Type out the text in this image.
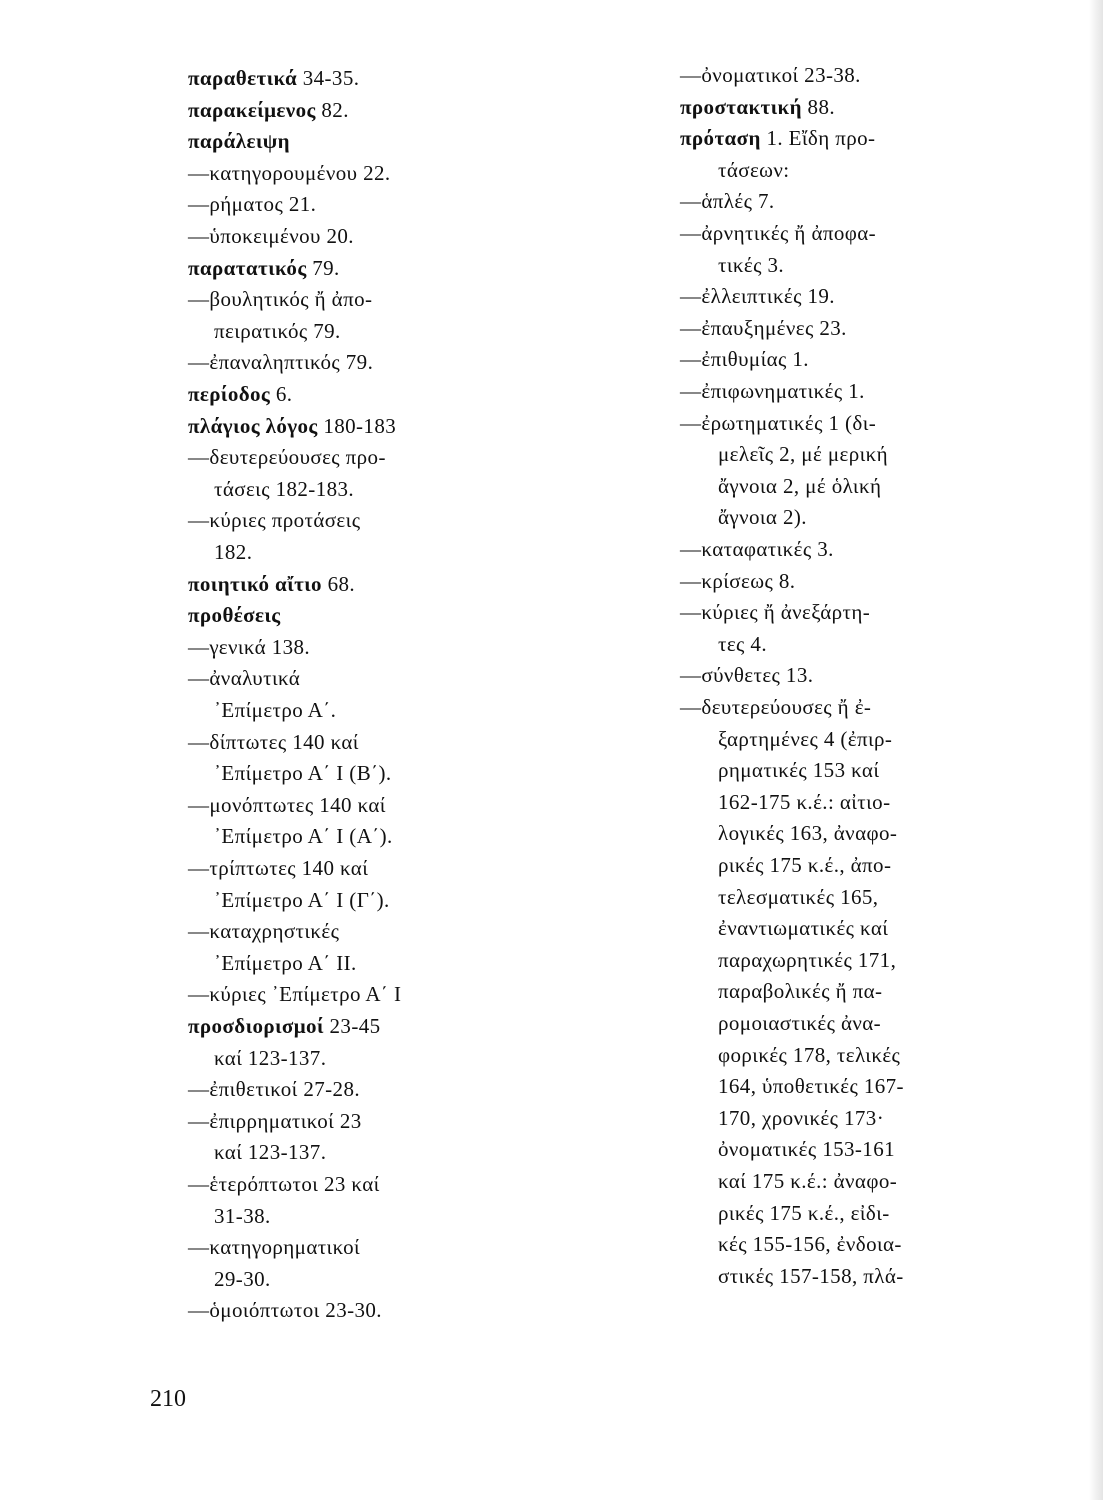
παραθετικά 34-35.
παρακείμενος 82.
παράλειψη
—κατηγορουμένου 22.
—ρήματος 21.
—ὑποκειμένου 20.
παρατατικός 79.
—βουλητικός ἤ ἀπο-
πειρατικός 79.
—ἐπαναληπτικός 79.
περίοδος 6.
πλάγιος λόγος 180-183
—δευτερεύουσες προ-
τάσεις 182-183.
—κύριες προτάσεις
182.
ποιητικό αἴτιο 68.
προθέσεις
—γενικά 138.
—ἀναλυτικά
᾿Επίμετρο Α΄.
—δίπτωτες 140 καί
᾿Επίμετρο Α΄ Ι (Β΄).
—μονόπτωτες 140 καί
᾿Επίμετρο Α΄ Ι (Α΄).
—τρίπτωτες 140 καί
᾿Επίμετρο Α΄ Ι (Γ΄).
—καταχρηστικές
᾿Επίμετρο Α΄ ΙΙ.
—κύριες ᾿Επίμετρο Α΄ Ι
προσδιορισμοί 23-45
καί 123-137.
—ἐπιθετικοί 27-28.
—ἐπιρρηματικοί 23
καί 123-137.
—ἑτερόπτωτοι 23 καί
31-38.
—κατηγορηματικοί
29-30.
—ὁμοιόπτωτοι 23-30.
—ὀνοματικοί 23-38.
προστακτική 88.
πρόταση 1. Εἴδη προ-
τάσεων:
—ἁπλές 7.
—ἀρνητικές ἤ ἀποφα-
τικές 3.
—ἐλλειπτικές 19.
—ἐπαυξημένες 23.
—ἐπιθυμίας 1.
—ἐπιφωνηματικές 1.
—ἐρωτηματικές 1 (δι-
μελεῖς 2, μέ μερική
ἄγνοια 2, μέ ὁλική
ἄγνοια 2).
—καταφατικές 3.
—κρίσεως 8.
—κύριες ἤ ἀνεξάρτη-
τες 4.
—σύνθετες 13.
—δευτερεύουσες ἤ ἐ-
ξαρτημένες 4 (ἐπιρ-
ρηματικές 153 καί
162-175 κ.έ.: αἰτιο-
λογικές 163, ἀναφο-
ρικές 175 κ.έ., ἀπο-
τελεσματικές 165,
ἐναντιωματικές καί
παραχωρητικές 171,
παραβολικές ἤ πα-
ρομοιαστικές ἀνα-
φορικές 178, τελικές
164, ὑποθετικές 167-
170, χρονικές 173·
ὀνοματικές 153-161
καί 175 κ.έ.: ἀναφο-
ρικές 175 κ.έ., εἰδι-
κές 155-156, ἐνδοια-
στικές 157-158, πλά-
210
